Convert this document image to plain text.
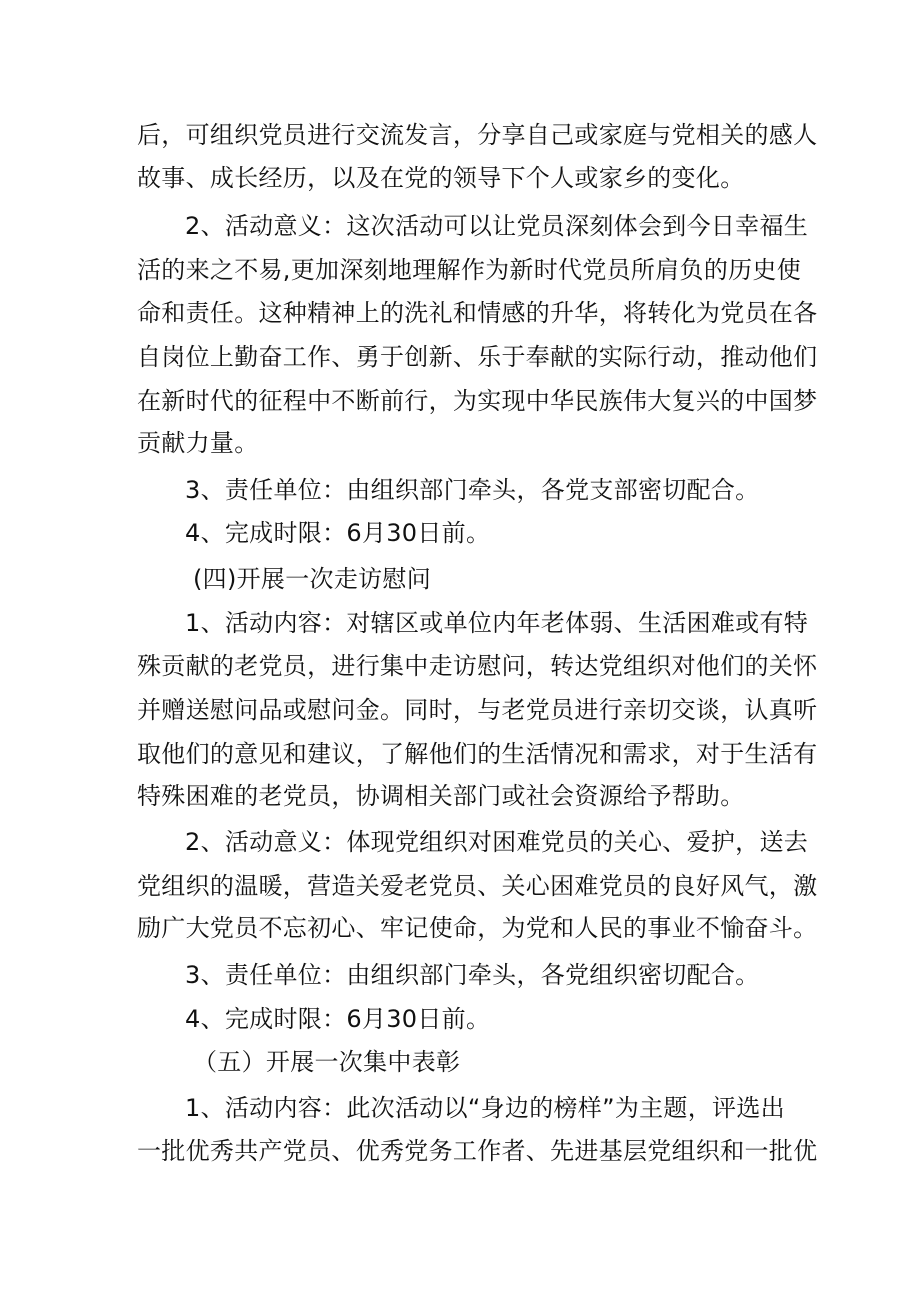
后，可组织党员进行交流发言，分享自己或家庭与党相关的感人
故事、成长经历，以及在党的领导下个人或家乡的变化。
2、活动意义：这次活动可以让党员深刻体会到今日幸福生
活的来之不易,更加深刻地理解作为新时代党员所肩负的历史使
命和责任。这种精神上的洗礼和情感的升华，将转化为党员在各
自岗位上勤奋工作、勇于创新、乐于奉献的实际行动，推动他们
在新时代的征程中不断前行，为实现中华民族伟大复兴的中国梦
贡献力量。
3、责任单位：由组织部门牵头，各党支部密切配合。
4、完成时限：6月30日前。
(四)开展一次走访慰问
1、活动内容：对辖区或单位内年老体弱、生活困难或有特
殊贡献的老党员，进行集中走访慰问，转达党组织对他们的关怀
并赠送慰问品或慰问金。同时，与老党员进行亲切交谈，认真听
取他们的意见和建议，了解他们的生活情况和需求，对于生活有
特殊困难的老党员，协调相关部门或社会资源给予帮助。
2、活动意义：体现党组织对困难党员的关心、爱护，送去
党组织的温暖，营造关爱老党员、关心困难党员的良好风气，激
励广大党员不忘初心、牢记使命，为党和人民的事业不愉奋斗。
3、责任单位：由组织部门牵头，各党组织密切配合。
4、完成时限：6月30日前。
（五）开展一次集中表彰
1、活动内容：此次活动以“身边的榜样”为主题，评选出
一批优秀共产党员、优秀党务工作者、先进基层党组织和一批优
